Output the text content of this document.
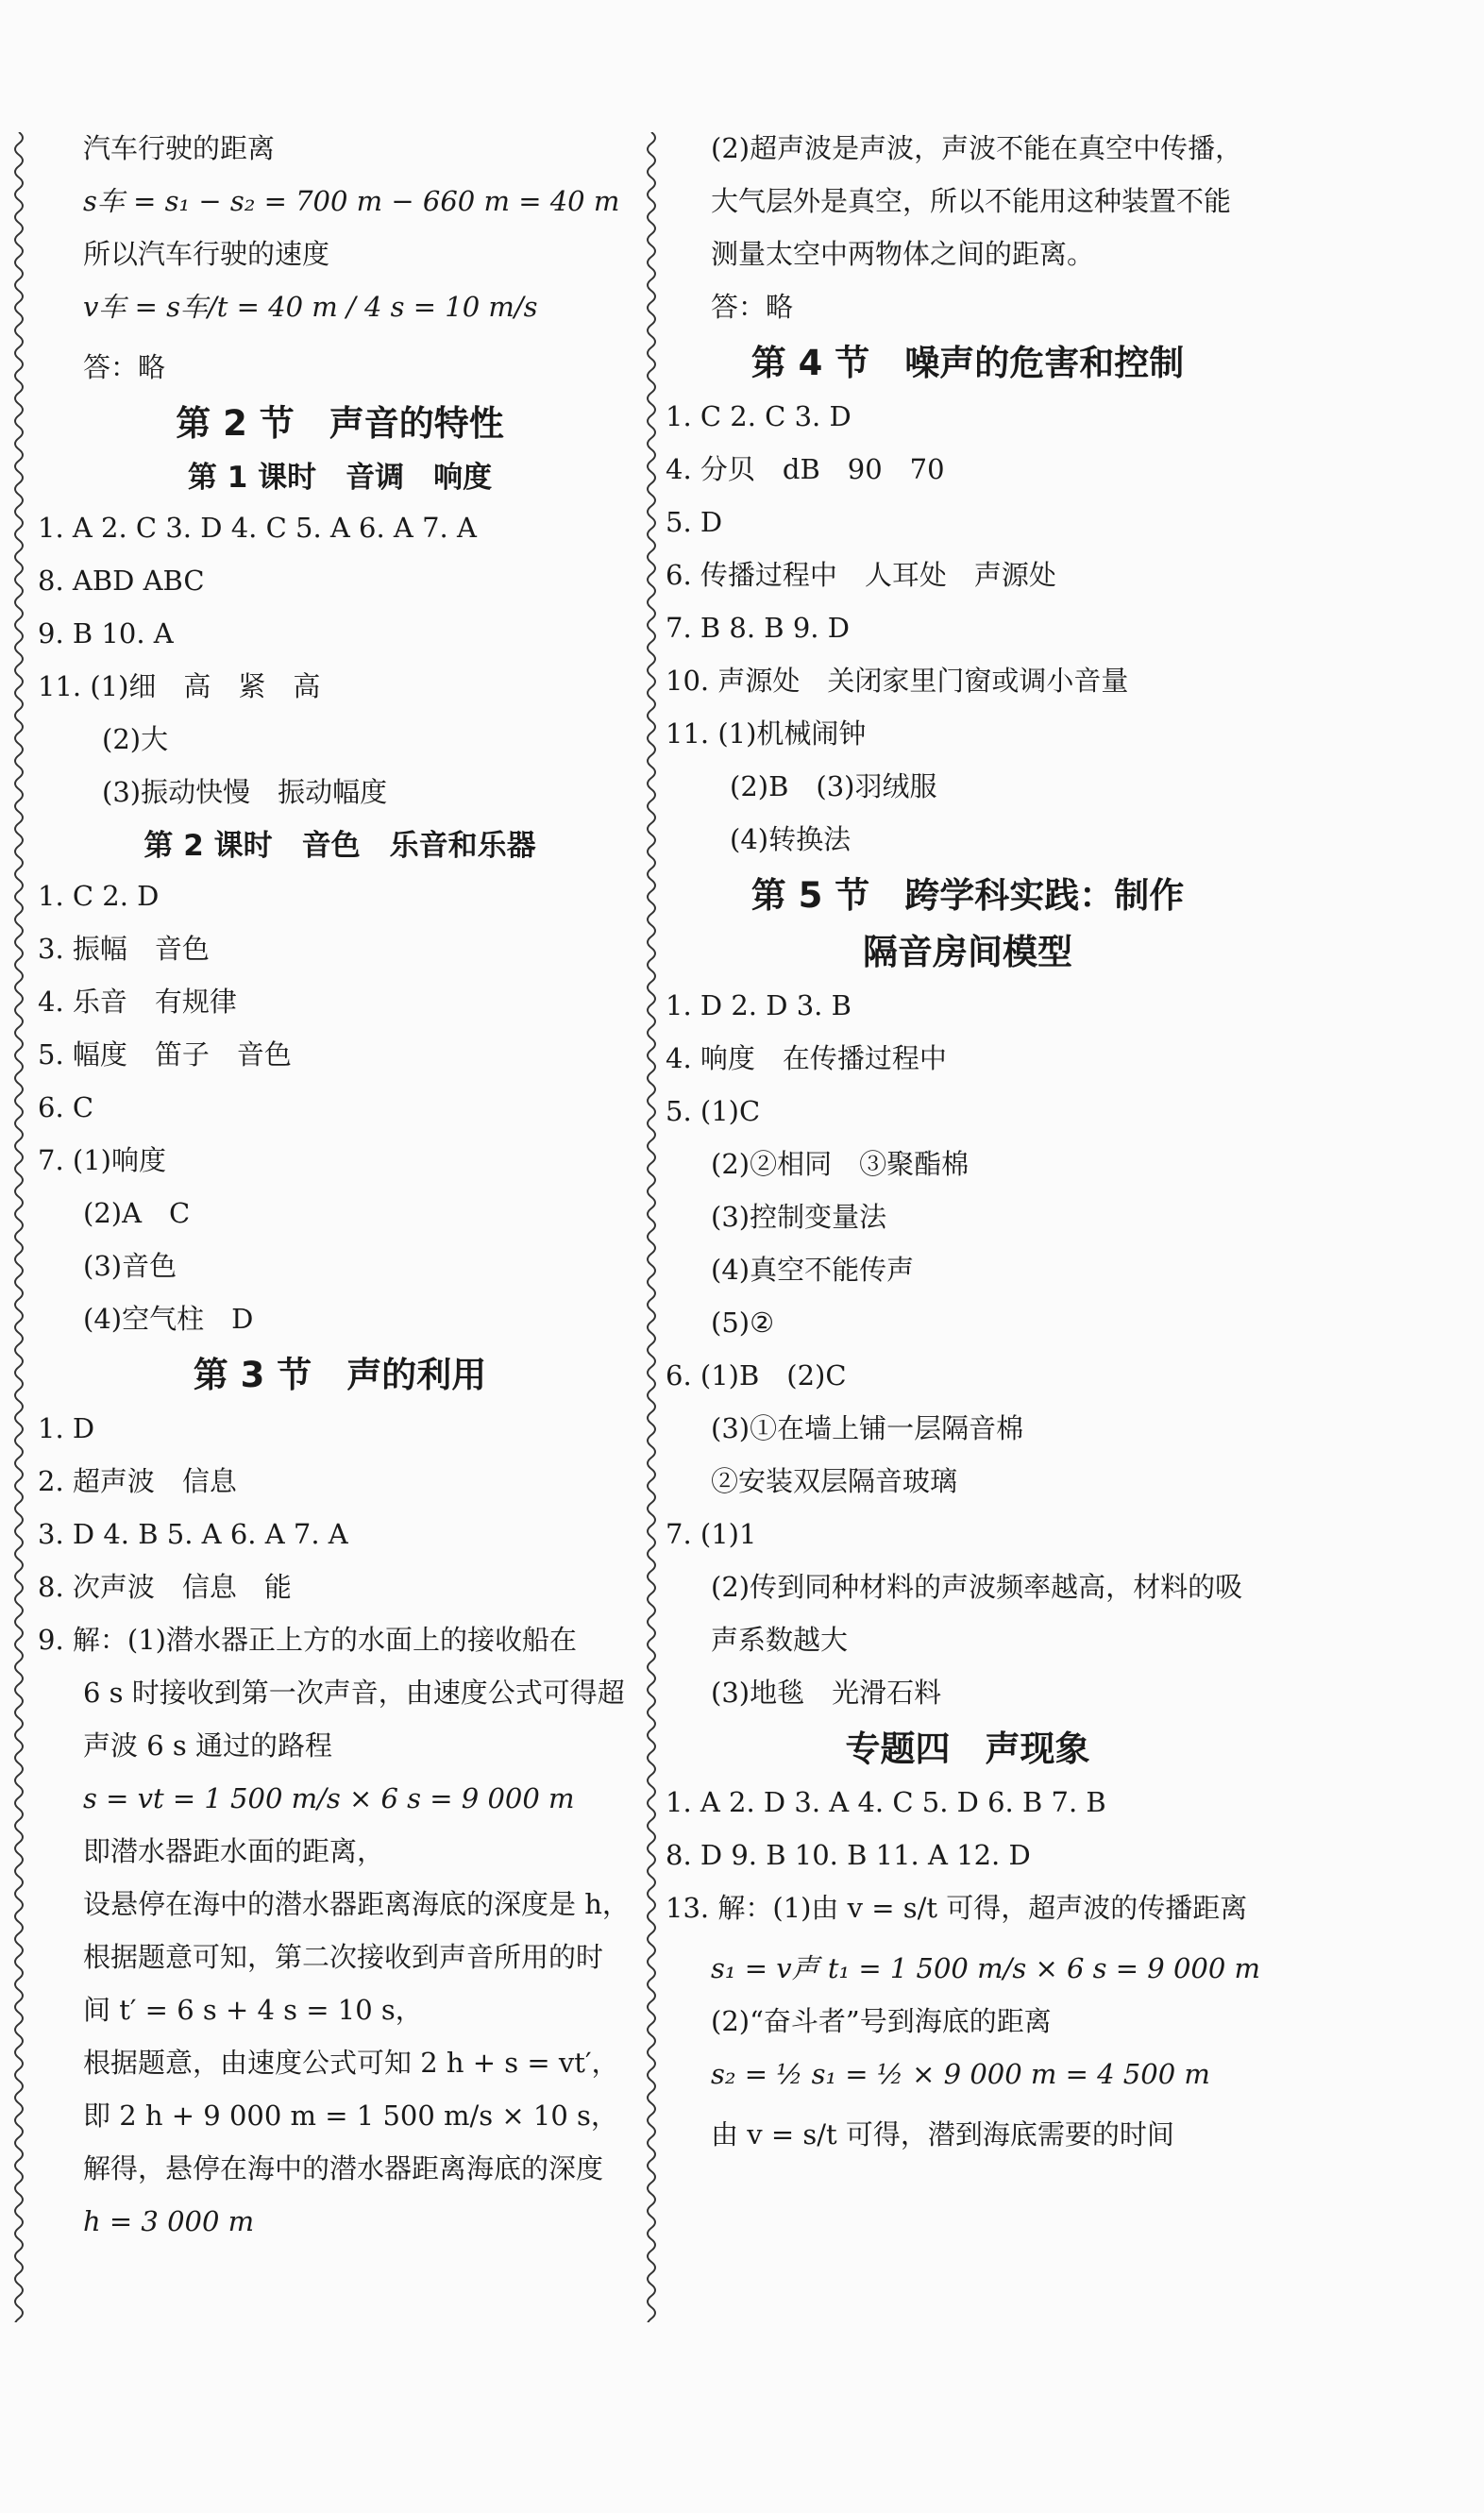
汽车行驶的距离

s车 = s₁ − s₂ = 700 m − 660 m = 40 m

所以汽车行驶的速度

v车 = s车/t = 40 m / 4 s = 10 m/s

答：略

第 2 节　声音的特性
第 1 课时　音调　响度

1. A 2. C 3. D 4. C 5. A 6. A 7. A

8. ABD ABC

9. B 10. A

11. (1)细　高　紧　高

(2)大

(3)振动快慢　振动幅度

第 2 课时　音色　乐音和乐器

1. C 2. D

3. 振幅　音色

4. 乐音　有规律

5. 幅度　笛子　音色

6. C

7. (1)响度

(2)A　C

(3)音色

(4)空气柱　D

第 3 节　声的利用

1. D

2. 超声波　信息

3. D 4. B 5. A 6. A 7. A

8. 次声波　信息　能

9. 解：(1)潜水器正上方的水面上的接收船在

6 s 时接收到第一次声音，由速度公式可得超

声波 6 s 通过的路程

s = vt = 1 500 m/s × 6 s = 9 000 m

即潜水器距水面的距离，

设悬停在海中的潜水器距离海底的深度是 h，

根据题意可知，第二次接收到声音所用的时

间 t′ = 6 s + 4 s = 10 s，

根据题意，由速度公式可知 2 h + s = vt′，

即 2 h + 9 000 m = 1 500 m/s × 10 s，

解得，悬停在海中的潜水器距离海底的深度

h = 3 000 m

(2)超声波是声波，声波不能在真空中传播，

大气层外是真空，所以不能用这种装置不能

测量太空中两物体之间的距离。

答：略

第 4 节　噪声的危害和控制

1. C 2. C 3. D

4. 分贝　dB　90　70

5. D

6. 传播过程中　人耳处　声源处

7. B 8. B 9. D

10. 声源处　关闭家里门窗或调小音量

11. (1)机械闹钟

(2)B　(3)羽绒服

(4)转换法

第 5 节　跨学科实践：制作
隔音房间模型

1. D 2. D 3. B

4. 响度　在传播过程中

5. (1)C

(2)②相同　③聚酯棉

(3)控制变量法

(4)真空不能传声

(5)②

6. (1)B　(2)C

(3)①在墙上铺一层隔音棉

②安装双层隔音玻璃

7. (1)1

(2)传到同种材料的声波频率越高，材料的吸

声系数越大

(3)地毯　光滑石料

专题四　声现象

1. A 2. D 3. A 4. C 5. D 6. B 7. B

8. D 9. B 10. B 11. A 12. D

13. 解：(1)由 v = s/t 可得，超声波的传播距离

s₁ = v声 t₁ = 1 500 m/s × 6 s = 9 000 m

(2)“奋斗者”号到海底的距离

s₂ = ½ s₁ = ½ × 9 000 m = 4 500 m

由 v = s/t 可得，潜到海底需要的时间
